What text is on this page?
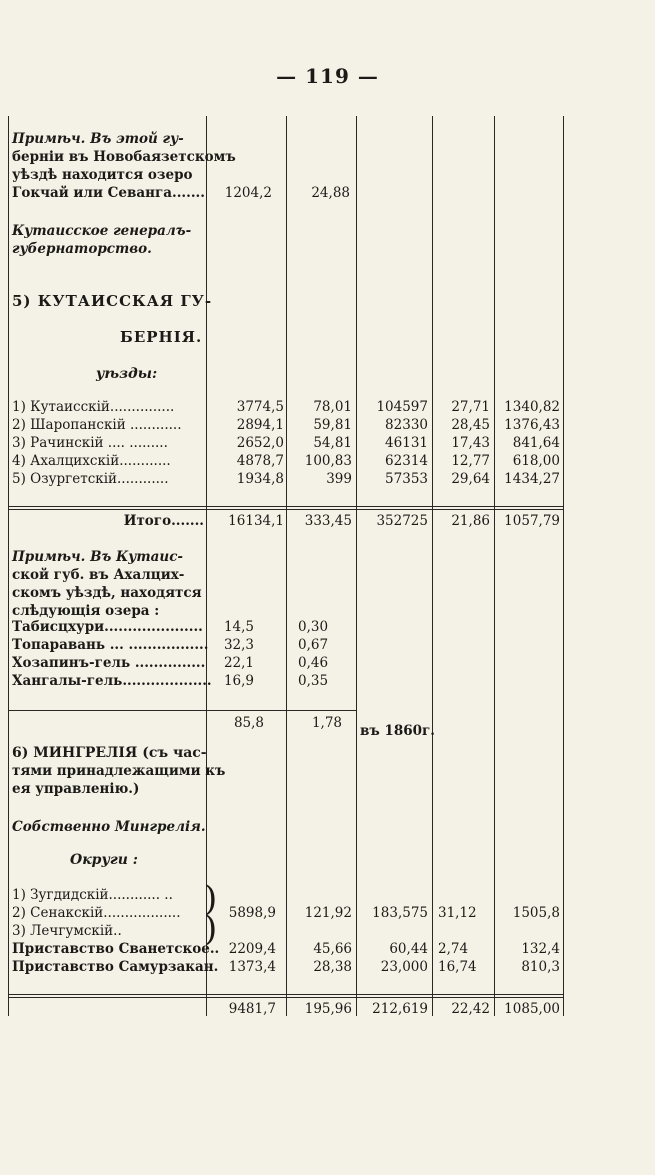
— 119 —
Примѣч. Въ этой гу-
берніи въ Новобаязетскомъ
уѣздѣ находится озеро
Гокчай или Севанга....... 1204,2	24,88
Кутаисское генералъ-
губернаторство.
5) КУТАИССКАЯ ГУ-
БЕРНІЯ.
уѣзды:
1) Кутаисскій...............	3774,5 78,01 104597 27,71 1340,82
2) Шаропанскій ............	2894,1 59,81 82330 28,45 1376,43
3) Рачинскій .... .........	2652,0 54,81 46131 17,43 841,64
4) Ахалцихскій............	4878,7 100,83 62314 12,77 618,00
5) Озургетскій............	1934,8	399 57353 29,64 1434,27
Итого....... 16134,1 333,45 352725 21,86 1057,79
Примѣч. Въ Кутаис-
ской губ. въ Ахалцих-
скомъ уѣздѣ, находятся
слѣдующія озера :
Табисцхури..................... 14,5	0,30
Топаравань ... ................. 32,3	0,67
Хозапинъ-гель ............... 22,1	0,46
Хангалы-гель................... 16,9	0,35
85,8	1,78 въ 1860г.
6) МИНГРЕЛІЯ (съ час-
тями принадлежащими къ
ея управленію.)
Собственно Мингрелія.
Округи :
1) Зугдидскій............ ..
2) Сенакскій..................	5898,9 121,92 183,575 31,12	1505,8
3) Лечгумскій..
Приставство Сванетское.. 2209,4	45,66	60,44 2,74	132,4
Приставство Самурзакан. 1373,4	28,38 23,000 16,74	810,3
)
)
9481,7 195,96 212,619 22,42 1085,00
